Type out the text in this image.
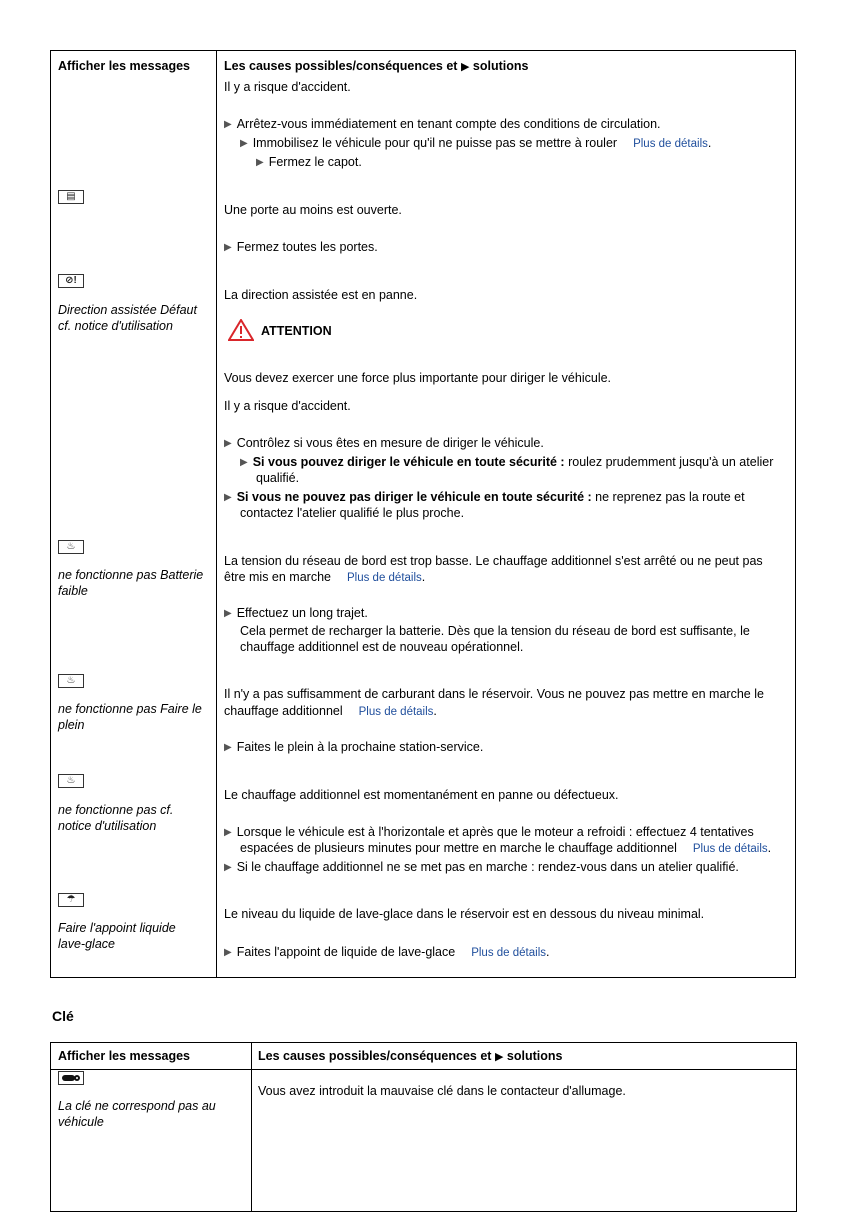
Afficher les messages	Les causes possibles/conséquences et ▶ solutions
Il y a risque d'accident.
▶ Arrêtez-vous immédiatement en tenant compte des conditions de circulation.
▶ Immobilisez le véhicule pour qu'il ne puisse pas se mettre à rouler Plus de détails.
▶ Fermez le capot.
▤
Une porte au moins est ouverte.
▶ Fermez toutes les portes.
⊘!
Direction assistée Défaut
cf. notice d'utilisation
La direction assistée est en panne.
ATTENTION
Vous devez exercer une force plus importante pour diriger le véhicule.
Il y a risque d'accident.
▶ Contrôlez si vous êtes en mesure de diriger le véhicule.
▶ Si vous pouvez diriger le véhicule en toute sécurité : roulez prudemment jusqu'à un atelier
qualifié.
▶ Si vous ne pouvez pas diriger le véhicule en toute sécurité : ne reprenez pas la route et
contactez l'atelier qualifié le plus proche.
♨
ne fonctionne pas Batterie
faible
La tension du réseau de bord est trop basse. Le chauffage additionnel s'est arrêté ou ne peut pas
être mis en marche Plus de détails.
▶ Effectuez un long trajet.
Cela permet de recharger la batterie. Dès que la tension du réseau de bord est suffisante, le
chauffage additionnel est de nouveau opérationnel.
♨
ne fonctionne pas Faire le
plein
Il n'y a pas suffisamment de carburant dans le réservoir. Vous ne pouvez pas mettre en marche le
chauffage additionnel Plus de détails.
▶ Faites le plein à la prochaine station-service.
♨
ne fonctionne pas cf.
notice d'utilisation
Le chauffage additionnel est momentanément en panne ou défectueux.
▶ Lorsque le véhicule est à l'horizontale et après que le moteur a refroidi : effectuez 4 tentatives
espacées de plusieurs minutes pour mettre en marche le chauffage additionnel Plus de détails.
▶ Si le chauffage additionnel ne se met pas en marche : rendez-vous dans un atelier qualifié.
☂
Faire l'appoint liquide
lave-glace
Le niveau du liquide de lave-glace dans le réservoir est en dessous du niveau minimal.
▶ Faites l'appoint de liquide de lave-glace Plus de détails.
Clé
Afficher les messages	Les causes possibles/conséquences et ▶ solutions
La clé ne correspond pas au
véhicule
Vous avez introduit la mauvaise clé dans le contacteur d'allumage.
